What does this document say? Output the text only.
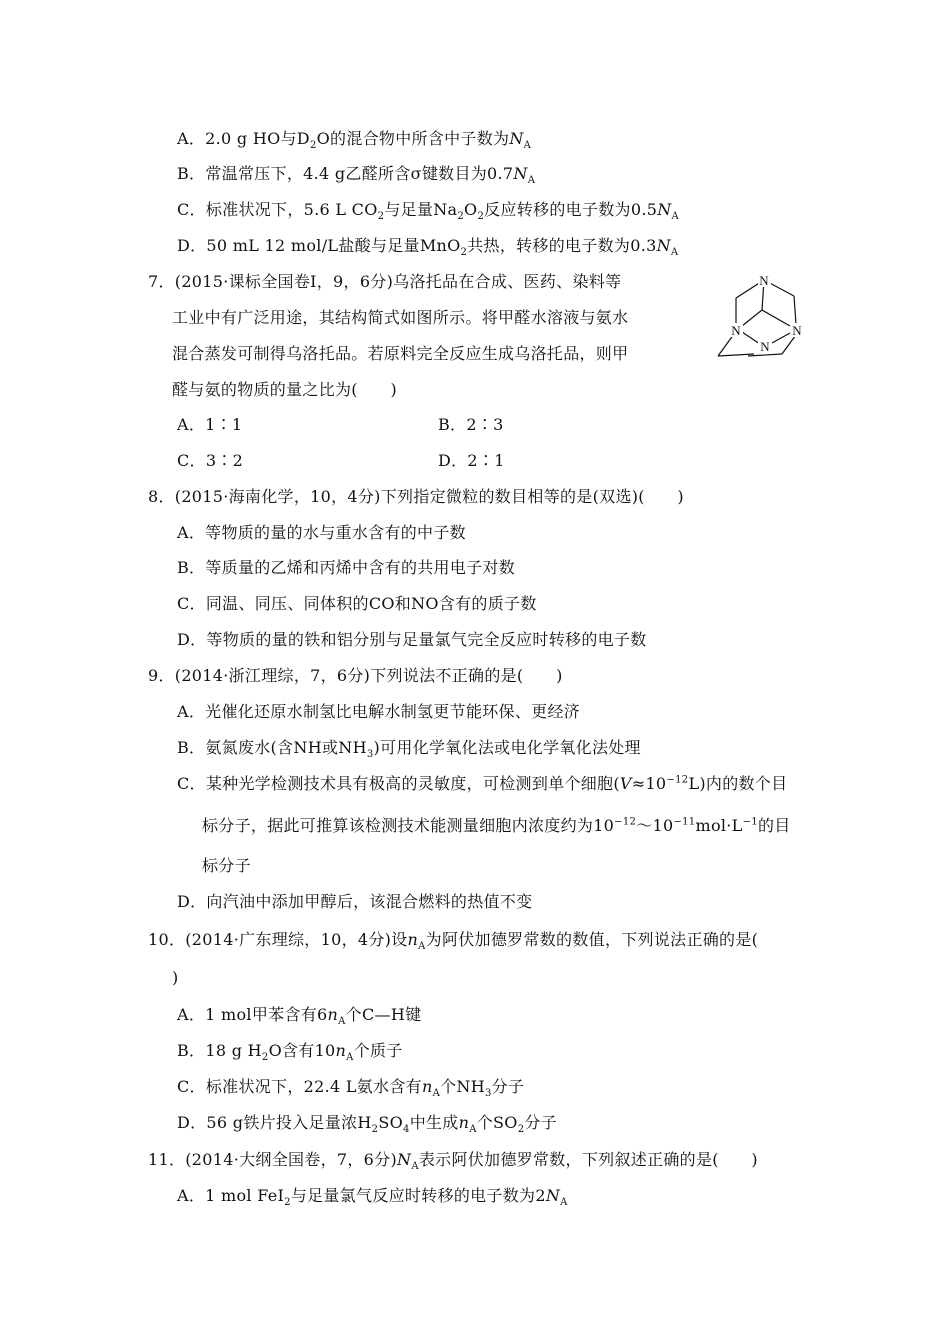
A．2.0 g HO与$D_2O$的混合物中所含中子数为$N_A$
B．常温常压下，4.4 g乙醛所含σ键数目为$0.7N_A$
C．标准状况下，5.6 L $CO_2$与足量$Na_2O_2$反应转移的电子数为$0.5N_A$
D．50 mL 12 mol/L盐酸与足量MnO$_2$共热，转移的电子数为$0.3N_A$
7．(2015·课标全国卷Ⅰ，9，6分)乌洛托品在合成、医药、染料等
工业中有广泛用途，其结构简式如图所示。将甲醛水溶液与氨水
混合蒸发可制得乌洛托品。若原料完全反应生成乌洛托品，则甲
醛与氨的物质的量之比为(　　)
N
N	N
N
A．1∶1	B．2∶3
C．3∶2	D．2∶1
8．(2015·海南化学，10，4分)下列指定微粒的数目相等的是(双选)(　　)
A．等物质的量的水与重水含有的中子数
B．等质量的乙烯和丙烯中含有的共用电子对数
C．同温、同压、同体积的CO和NO含有的质子数
D．等物质的量的铁和铝分别与足量氯气完全反应时转移的电子数
9．(2014·浙江理综，7，6分)下列说法不正确的是(　　)
A．光催化还原水制氢比电解水制氢更节能环保、更经济
B．氨氮废水(含NH或$NH_3$)可用化学氧化法或电化学氧化法处理
C．某种光学检测技术具有极高的灵敏度，可检测到单个细胞$(V\approx 10^{-12}L)$内的数个目
标分子，据此可推算该检测技术能测量细胞内浓度约为$10^{-12}\sim 10^{-11}mol\cdot L^{-1}$的目
标分子
D．向汽油中添加甲醇后，该混合燃料的热值不变
10．(2014·广东理综，10，4分)设$n_A$为阿伏加德罗常数的数值，下列说法正确的是(
)
A．1 mol甲苯含有$6n_A$个C—H键
B．18 g $H_2O$含有$10n_A$个质子
C．标准状况下，22.4 L氨水含有$n_A$个$NH_3$分子
D．56 g铁片投入足量浓$H_2SO_4$中生成$n_A$个$SO_2$分子
11．(2014·大纲全国卷，7，6分)$N_A$表示阿伏加德罗常数，下列叙述正确的是(　　)
A．1 mol FeI$_2$与足量氯气反应时转移的电子数为$2N_A$
